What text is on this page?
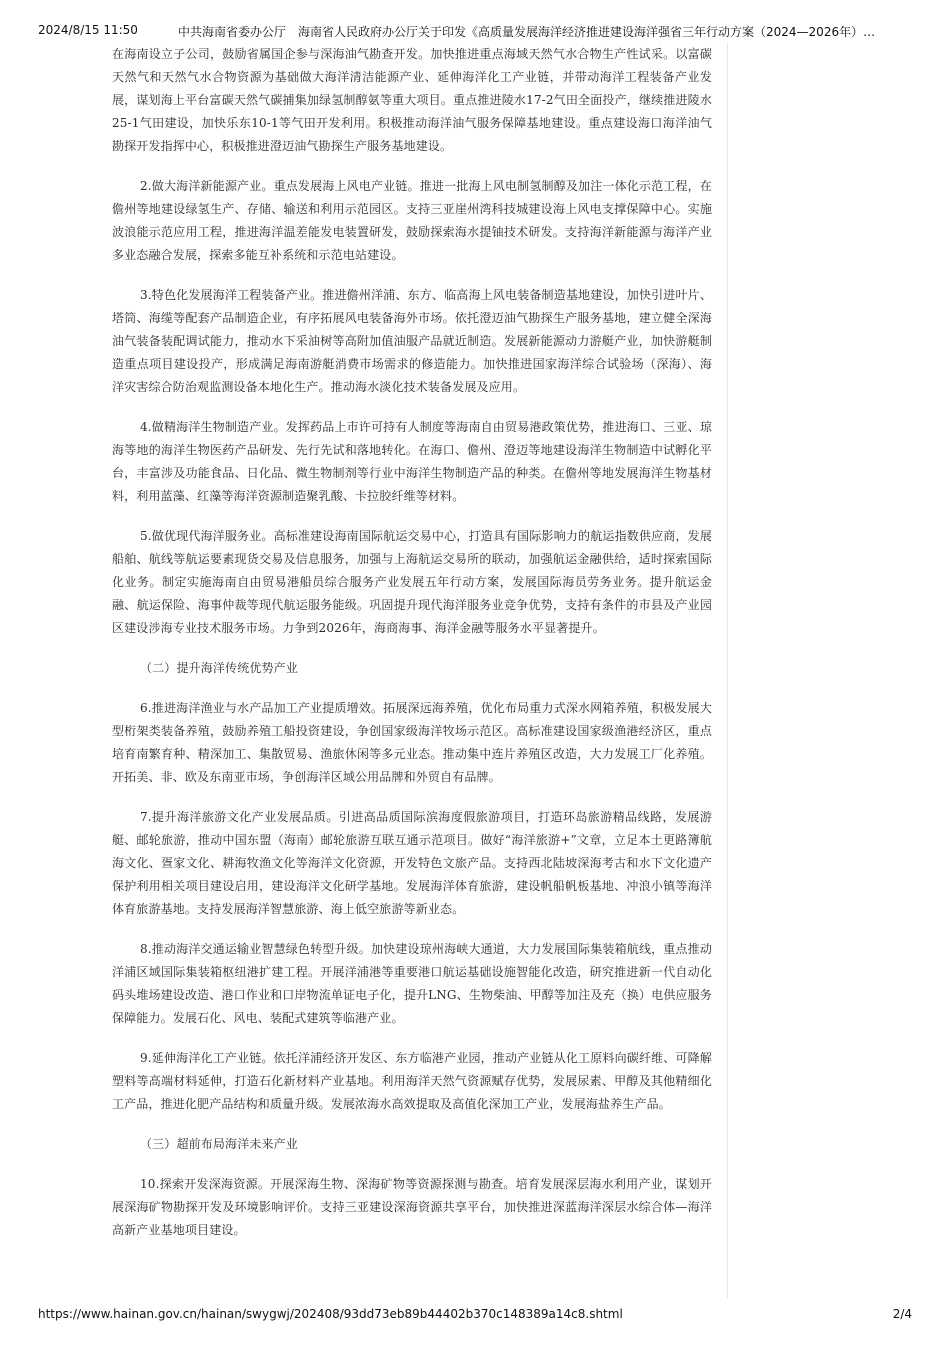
2024/8/15 11:50	中共海南省委办公厅　海南省人民政府办公厅关于印发《高质量发展海洋经济推进建设海洋强省三年行动方案（2024—2026年）…

在海南设立子公司，鼓励省属国企参与深海油气勘查开发。加快推进重点海域天然气水合物生产性试采。以富碳天然气和天然气水合物资源为基础做大海洋清洁能源产业、延伸海洋化工产业链，并带动海洋工程装备产业发展，谋划海上平台富碳天然气碳捕集加绿氢制醇氨等重大项目。重点推进陵水17-2气田全面投产，继续推进陵水25-1气田建设，加快乐东10-1等气田开发利用。积极推动海洋油气服务保障基地建设。重点建设海口海洋油气勘探开发指挥中心，积极推进澄迈油气勘探生产服务基地建设。

2.做大海洋新能源产业。重点发展海上风电产业链。推进一批海上风电制氢制醇及加注一体化示范工程，在儋州等地建设绿氢生产、存储、输送和利用示范园区。支持三亚崖州湾科技城建设海上风电支撑保障中心。实施波浪能示范应用工程，推进海洋温差能发电装置研发，鼓励探索海水提铀技术研发。支持海洋新能源与海洋产业多业态融合发展，探索多能互补系统和示范电站建设。

3.特色化发展海洋工程装备产业。推进儋州洋浦、东方、临高海上风电装备制造基地建设，加快引进叶片、塔筒、海缆等配套产品制造企业，有序拓展风电装备海外市场。依托澄迈油气勘探生产服务基地，建立健全深海油气装备装配调试能力，推动水下采油树等高附加值油服产品就近制造。发展新能源动力游艇产业，加快游艇制造重点项目建设投产，形成满足海南游艇消费市场需求的修造能力。加快推进国家海洋综合试验场（深海）、海洋灾害综合防治观监测设备本地化生产。推动海水淡化技术装备发展及应用。

4.做精海洋生物制造产业。发挥药品上市许可持有人制度等海南自由贸易港政策优势，推进海口、三亚、琼海等地的海洋生物医药产品研发、先行先试和落地转化。在海口、儋州、澄迈等地建设海洋生物制造中试孵化平台，丰富涉及功能食品、日化品、微生物制剂等行业中海洋生物制造产品的种类。在儋州等地发展海洋生物基材料，利用蓝藻、红藻等海洋资源制造聚乳酸、卡拉胶纤维等材料。

5.做优现代海洋服务业。高标准建设海南国际航运交易中心，打造具有国际影响力的航运指数供应商，发展船舶、航线等航运要素现货交易及信息服务，加强与上海航运交易所的联动，加强航运金融供给，适时探索国际化业务。制定实施海南自由贸易港船员综合服务产业发展五年行动方案，发展国际海员劳务业务。提升航运金融、航运保险、海事仲裁等现代航运服务能级。巩固提升现代海洋服务业竞争优势，支持有条件的市县及产业园区建设涉海专业技术服务市场。力争到2026年，海商海事、海洋金融等服务水平显著提升。

（二）提升海洋传统优势产业

6.推进海洋渔业与水产品加工产业提质增效。拓展深远海养殖，优化布局重力式深水网箱养殖，积极发展大型桁架类装备养殖，鼓励养殖工船投资建设，争创国家级海洋牧场示范区。高标准建设国家级渔港经济区，重点培育南繁育种、精深加工、集散贸易、渔旅休闲等多元业态。推动集中连片养殖区改造，大力发展工厂化养殖。开拓美、非、欧及东南亚市场，争创海洋区域公用品牌和外贸自有品牌。

7.提升海洋旅游文化产业发展品质。引进高品质国际滨海度假旅游项目，打造环岛旅游精品线路，发展游艇、邮轮旅游，推动中国东盟（海南）邮轮旅游互联互通示范项目。做好“海洋旅游+”文章，立足本土更路簿航海文化、疍家文化、耕海牧渔文化等海洋文化资源，开发特色文旅产品。支持西北陆坡深海考古和水下文化遗产保护利用相关项目建设启用，建设海洋文化研学基地。发展海洋体育旅游，建设帆船帆板基地、冲浪小镇等海洋体育旅游基地。支持发展海洋智慧旅游、海上低空旅游等新业态。

8.推动海洋交通运输业智慧绿色转型升级。加快建设琼州海峡大通道，大力发展国际集装箱航线，重点推动洋浦区域国际集装箱枢纽港扩建工程。开展洋浦港等重要港口航运基础设施智能化改造，研究推进新一代自动化码头堆场建设改造、港口作业和口岸物流单证电子化，提升LNG、生物柴油、甲醇等加注及充（换）电供应服务保障能力。发展石化、风电、装配式建筑等临港产业。

9.延伸海洋化工产业链。依托洋浦经济开发区、东方临港产业园，推动产业链从化工原料向碳纤维、可降解塑料等高端材料延伸，打造石化新材料产业基地。利用海洋天然气资源赋存优势，发展尿素、甲醇及其他精细化工产品，推进化肥产品结构和质量升级。发展浓海水高效提取及高值化深加工产业，发展海盐养生产品。

（三）超前布局海洋未来产业

10.探索开发深海资源。开展深海生物、深海矿物等资源探测与勘查。培育发展深层海水利用产业，谋划开展深海矿物勘探开发及环境影响评价。支持三亚建设深海资源共享平台，加快推进深蓝海洋深层水综合体—海洋高新产业基地项目建设。

https://www.hainan.gov.cn/hainan/swygwj/202408/93dd73eb89b44402b370c148389a14c8.shtml	2/4
